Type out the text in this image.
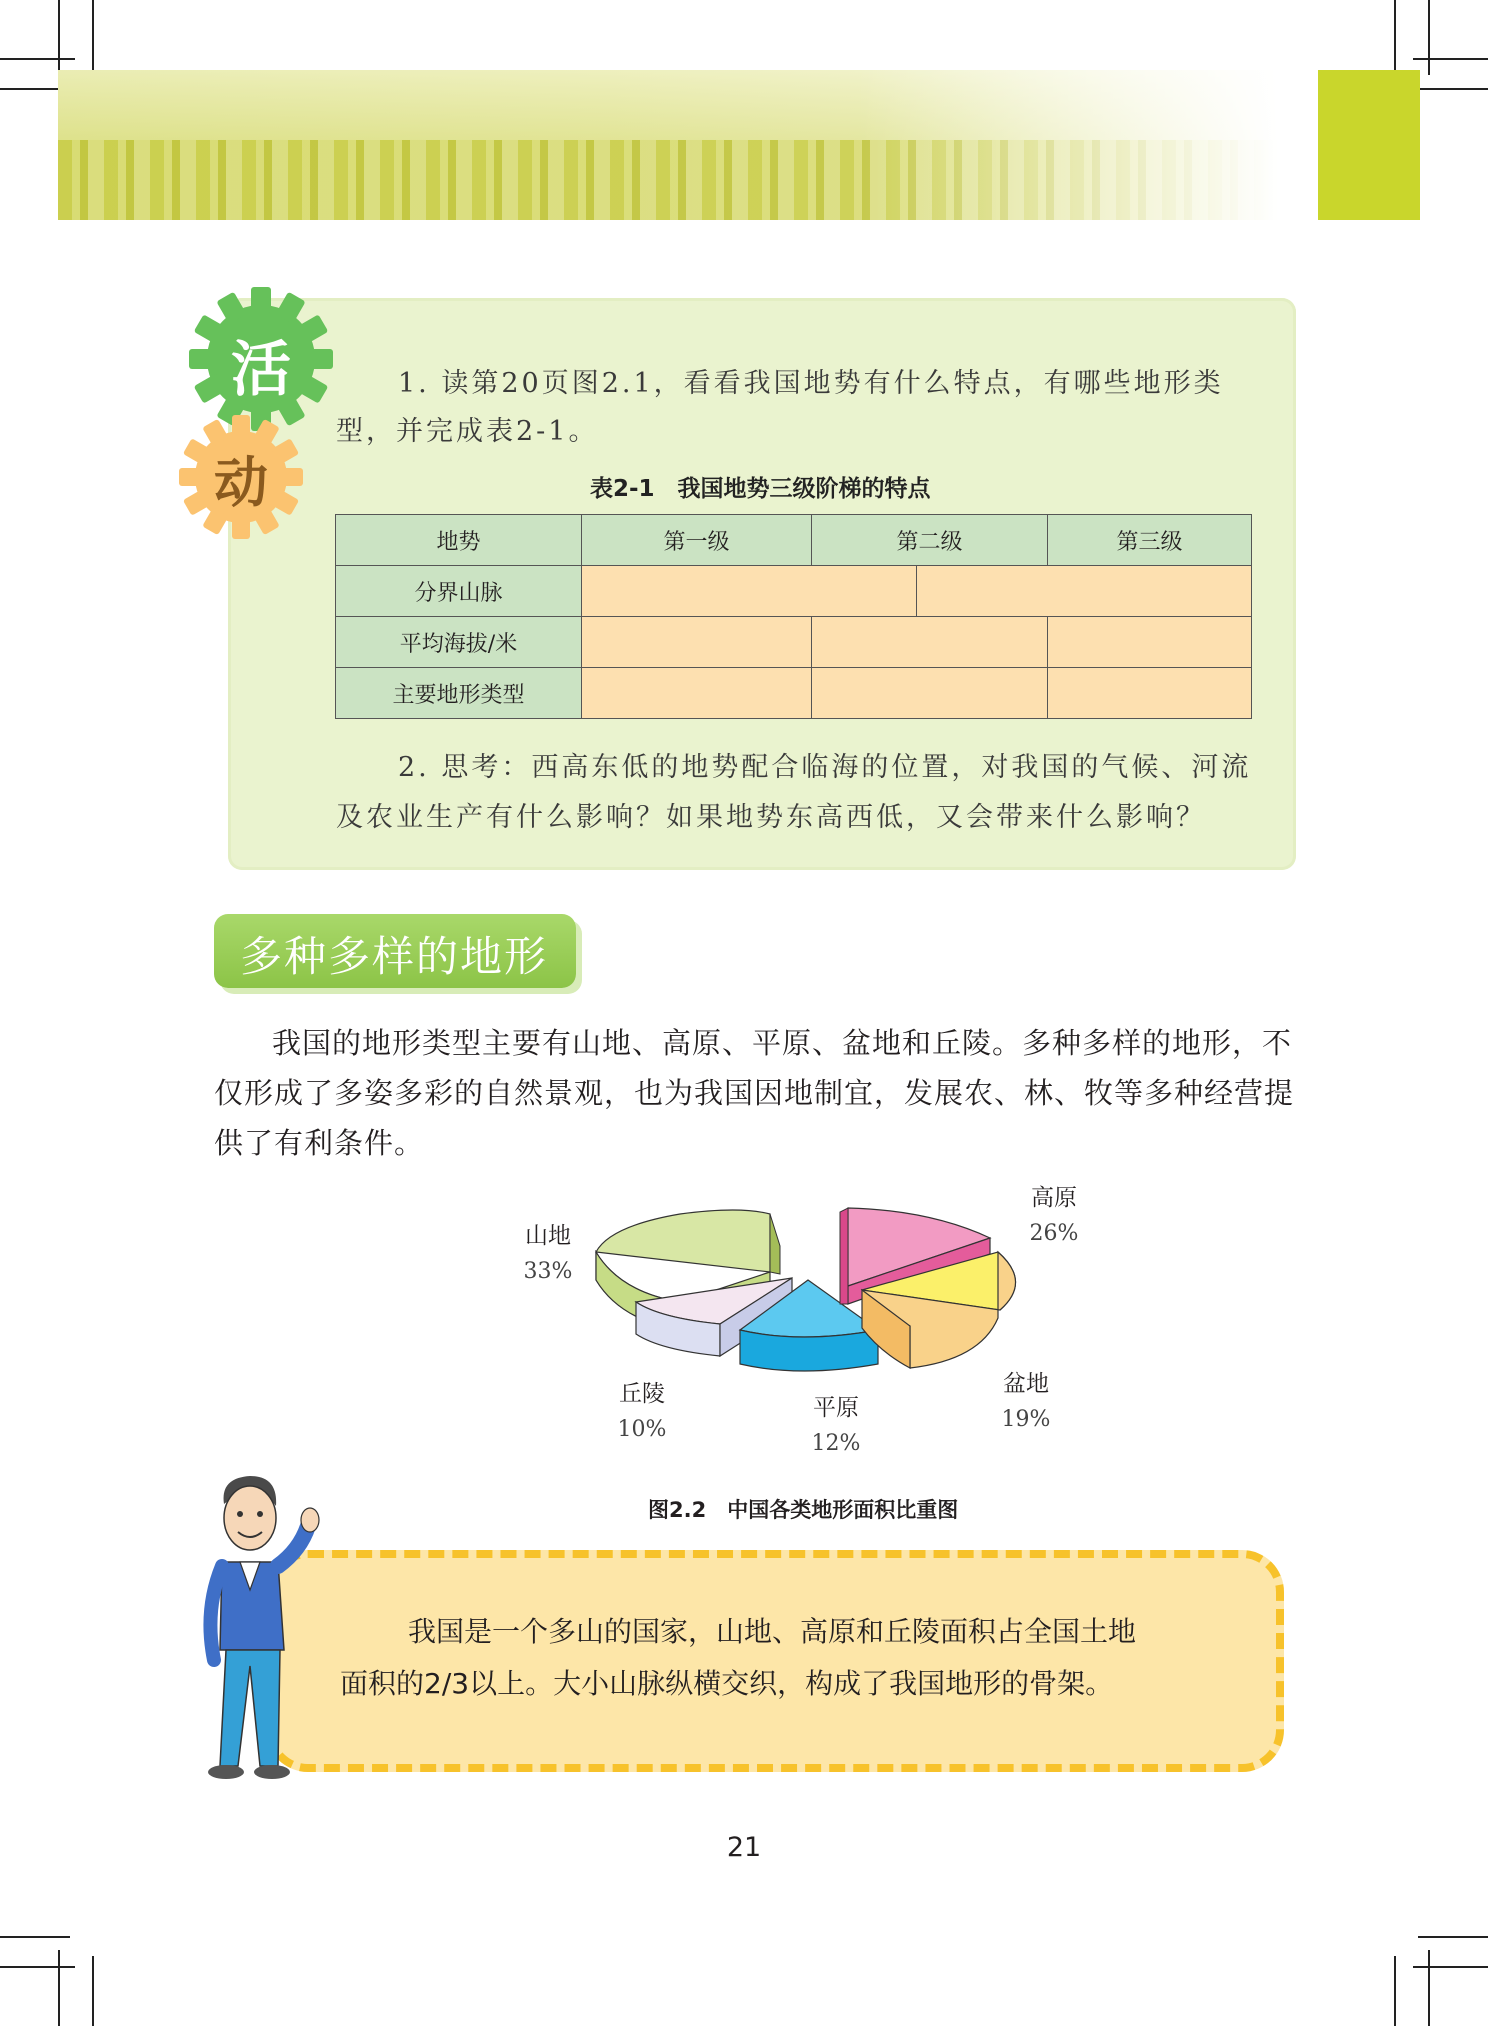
活
动
1. 读第20页图2.1，看看我国地势有什么特点，有哪些地形类
型，并完成表2-1。
表2-1　我国地势三级阶梯的特点
地势	第一级	第二级	第三级
分界山脉			

平均海拔/米			
主要地形类型			
2. 思考：西高东低的地势配合临海的位置，对我国的气候、河流
及农业生产有什么影响？如果地势东高西低，又会带来什么影响？
多种多样的地形

我国的地形类型主要有山地、高原、平原、盆地和丘陵。多种多样的地形，不仅形成了多姿多彩的自然景观，也为我国因地制宜，发展农、林、牧等多种经营提供了有利条件。

山地
33%
高原
26%
盆地
19%
平原
12%
丘陵
10%
图2.2　中国各类地形面积比重图

我国是一个多山的国家，山地、高原和丘陵面积占全国土地

面积的2/3以上。大小山脉纵横交织，构成了我国地形的骨架。

21
